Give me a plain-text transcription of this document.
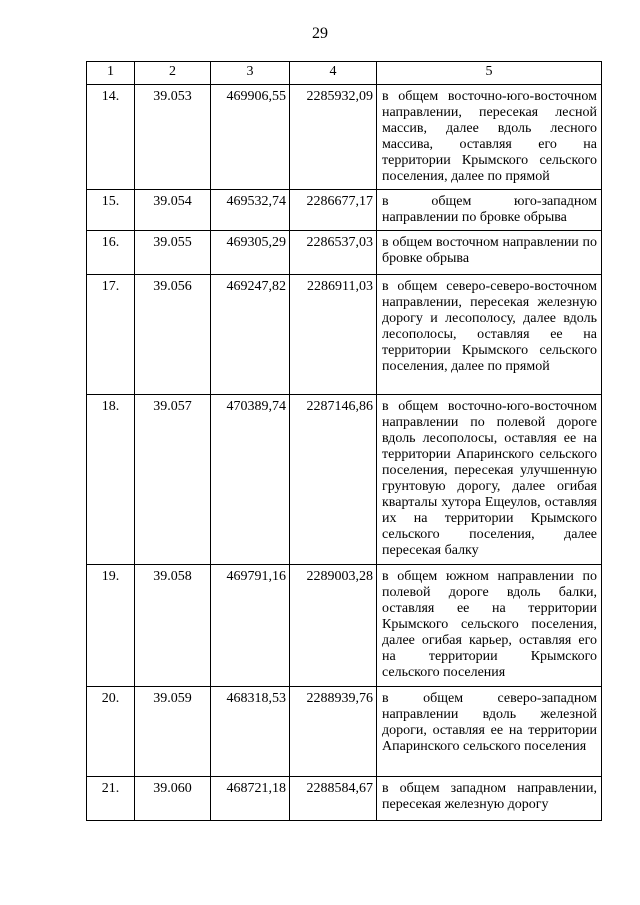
29
1	2	3	4	5
14.	39.053	469906,55	2285932,09	в общем восточно-юго-восточном направлении, пересекая лесной массив, далее вдоль лесного массива, оставляя его на территории Крымского сельского поселения, далее по прямой
15.	39.054	469532,74	2286677,17	в общем юго-западном направлении по бровке обрыва
16.	39.055	469305,29	2286537,03	в общем восточном направлении по бровке обрыва
17.	39.056	469247,82	2286911,03	в общем северо-северо-восточном направлении, пересекая железную дорогу и лесополосу, далее вдоль лесополосы, оставляя ее на территории Крымского сельского поселения, далее по прямой
18.	39.057	470389,74	2287146,86	в общем восточно-юго-восточном направлении по полевой дороге вдоль лесополосы, оставляя ее на территории Апаринского сельского поселения, пересекая улучшенную грунтовую дорогу, далее огибая кварталы хутора Ещеулов, оставляя их на территории Крымского сельского поселения, далее пересекая балку
19.	39.058	469791,16	2289003,28	в общем южном направлении по полевой дороге вдоль балки, оставляя ее на территории Крымского сельского поселения, далее огибая карьер, оставляя его на территории Крымского сельского поселения
20.	39.059	468318,53	2288939,76	в общем северо-западном направлении вдоль железной дороги, оставляя ее на территории Апаринского сельского поселения
21.	39.060	468721,18	2288584,67	в общем западном направлении, пересекая железную дорогу
